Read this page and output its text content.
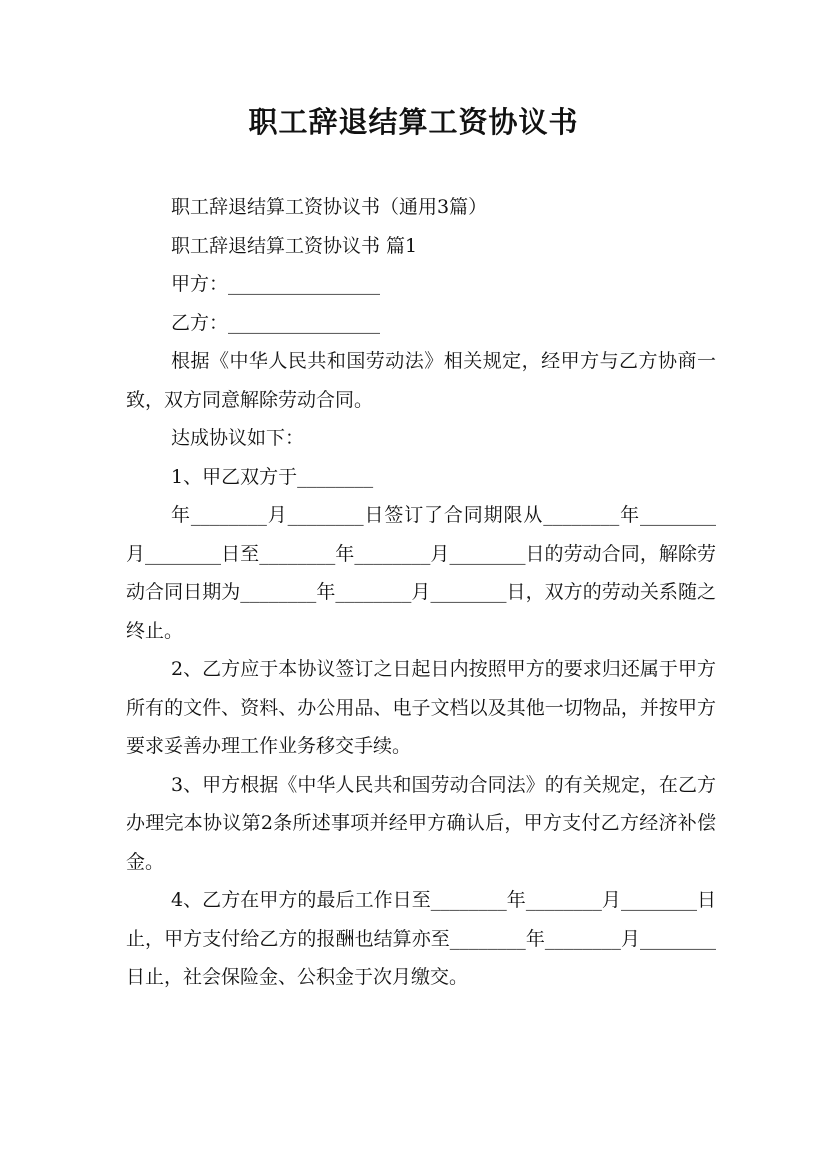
职工辞退结算工资协议书

职工辞退结算工资协议书（通用3篇）

职工辞退结算工资协议书 篇1

甲方：________________

乙方：________________

根据《中华人民共和国劳动法》相关规定，经甲方与乙方协商一致，双方同意解除劳动合同。

达成协议如下：

1、甲乙双方于________

年________月________日签订了合同期限从________年________月________日至________年________月________日的劳动合同，解除劳动合同日期为________年________月________日，双方的劳动关系随之终止。

2、乙方应于本协议签订之日起日内按照甲方的要求归还属于甲方所有的文件、资料、办公用品、电子文档以及其他一切物品，并按甲方要求妥善办理工作业务移交手续。

3、甲方根据《中华人民共和国劳动合同法》的有关规定，在乙方办理完本协议第2条所述事项并经甲方确认后，甲方支付乙方经济补偿金。

4、乙方在甲方的最后工作日至________年________月________日止，甲方支付给乙方的报酬也结算亦至________年________月________日止，社会保险金、公积金于次月缴交。
